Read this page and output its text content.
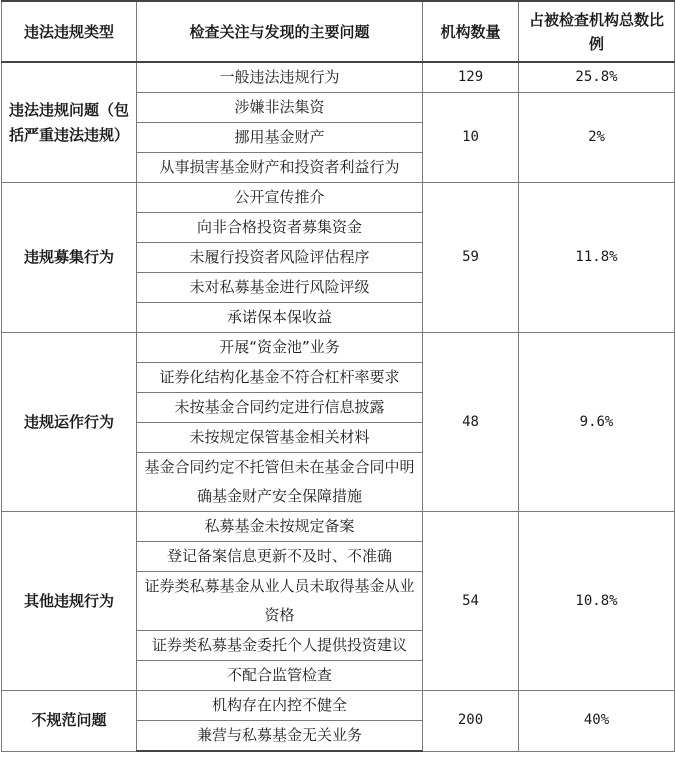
违法违规类型	检查关注与发现的主要问题	机构数量	占被检查机构总数比例
违法违规问题（包括严重违法违规）	一般违法违规行为	129	25.8%
	涉嫌非法集资	10	2%
	挪用基金财产		
	从事损害基金财产和投资者利益行为		
违规募集行为	公开宣传推介	59	11.8%
	向非合格投资者募集资金		
	未履行投资者风险评估程序		
	未对私募基金进行风险评级		
	承诺保本保收益		
违规运作行为	开展“资金池”业务	48	9.6%
	证券化结构化基金不符合杠杆率要求		
	未按基金合同约定进行信息披露		
	未按规定保管基金相关材料		
	基金合同约定不托管但未在基金合同中明确基金财产安全保障措施		
其他违规行为	私募基金未按规定备案	54	10.8%
	登记备案信息更新不及时、不准确		
	证券类私募基金从业人员未取得基金从业资格		
	证券类私募基金委托个人提供投资建议		
	不配合监管检查		
不规范问题	机构存在内控不健全	200	40%
	兼营与私募基金无关业务		
